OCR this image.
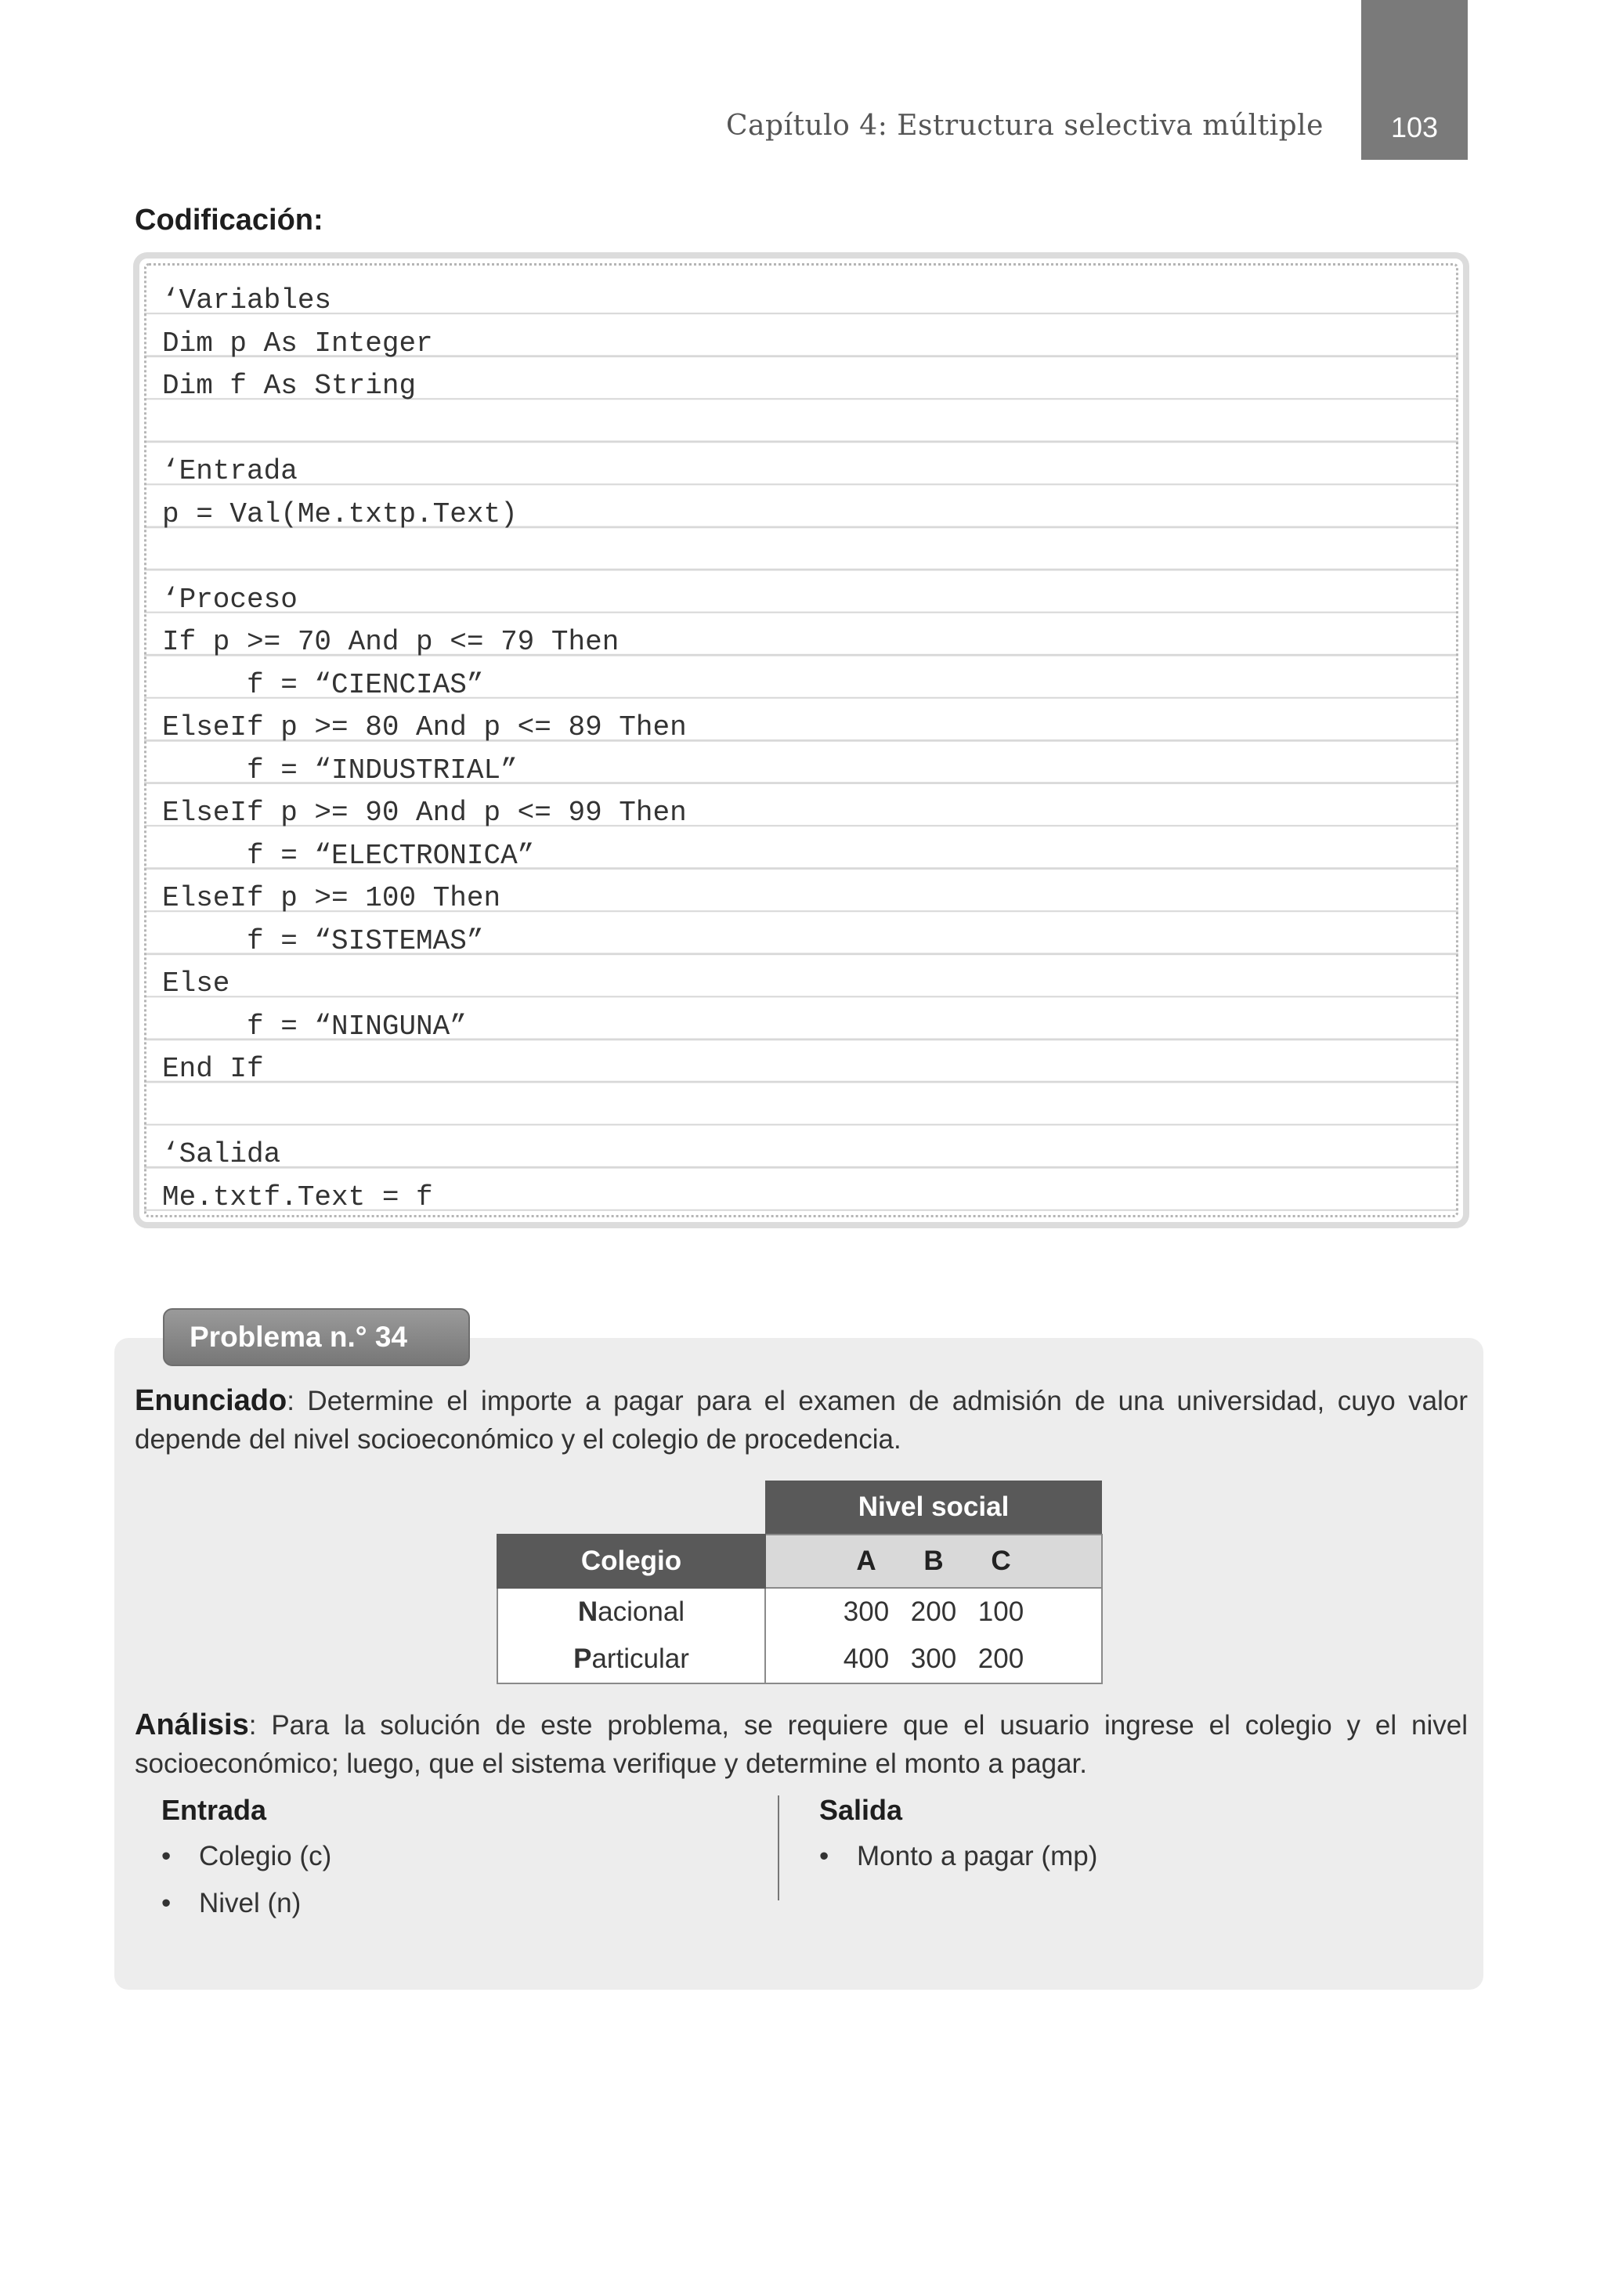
Capítulo 4: Estructura selectiva múltiple	103
Codificación:
‘Variables
Dim p As Integer
Dim f As String
‘Entrada
p = Val(Me.txtp.Text)
‘Proceso
If p >= 70 And p <= 79 Then
f = “CIENCIAS”
ElseIf p >= 80 And p <= 89 Then
f = “INDUSTRIAL”
ElseIf p >= 90 And p <= 99 Then
f = “ELECTRONICA”
ElseIf p >= 100 Then
f = “SISTEMAS”
Else
f = “NINGUNA”
End If
‘Salida
Me.txtf.Text = f
Problema n.° 34
Enunciado: Determine el importe a pagar para el examen de admisión de una universidad, cuyo valor depende del nivel socioeconómico y el colegio de procedencia.
	Nivel social
Colegio	A B C
Nacional	300 200 100
Particular	400 300 200
Análisis: Para la solución de este problema, se requiere que el usuario ingrese el colegio y el nivel socioeconómico; luego, que el sistema verifique y determine el monto a pagar.
Entrada
• Colegio (c)
• Nivel (n)
Salida
• Monto a pagar (mp)
